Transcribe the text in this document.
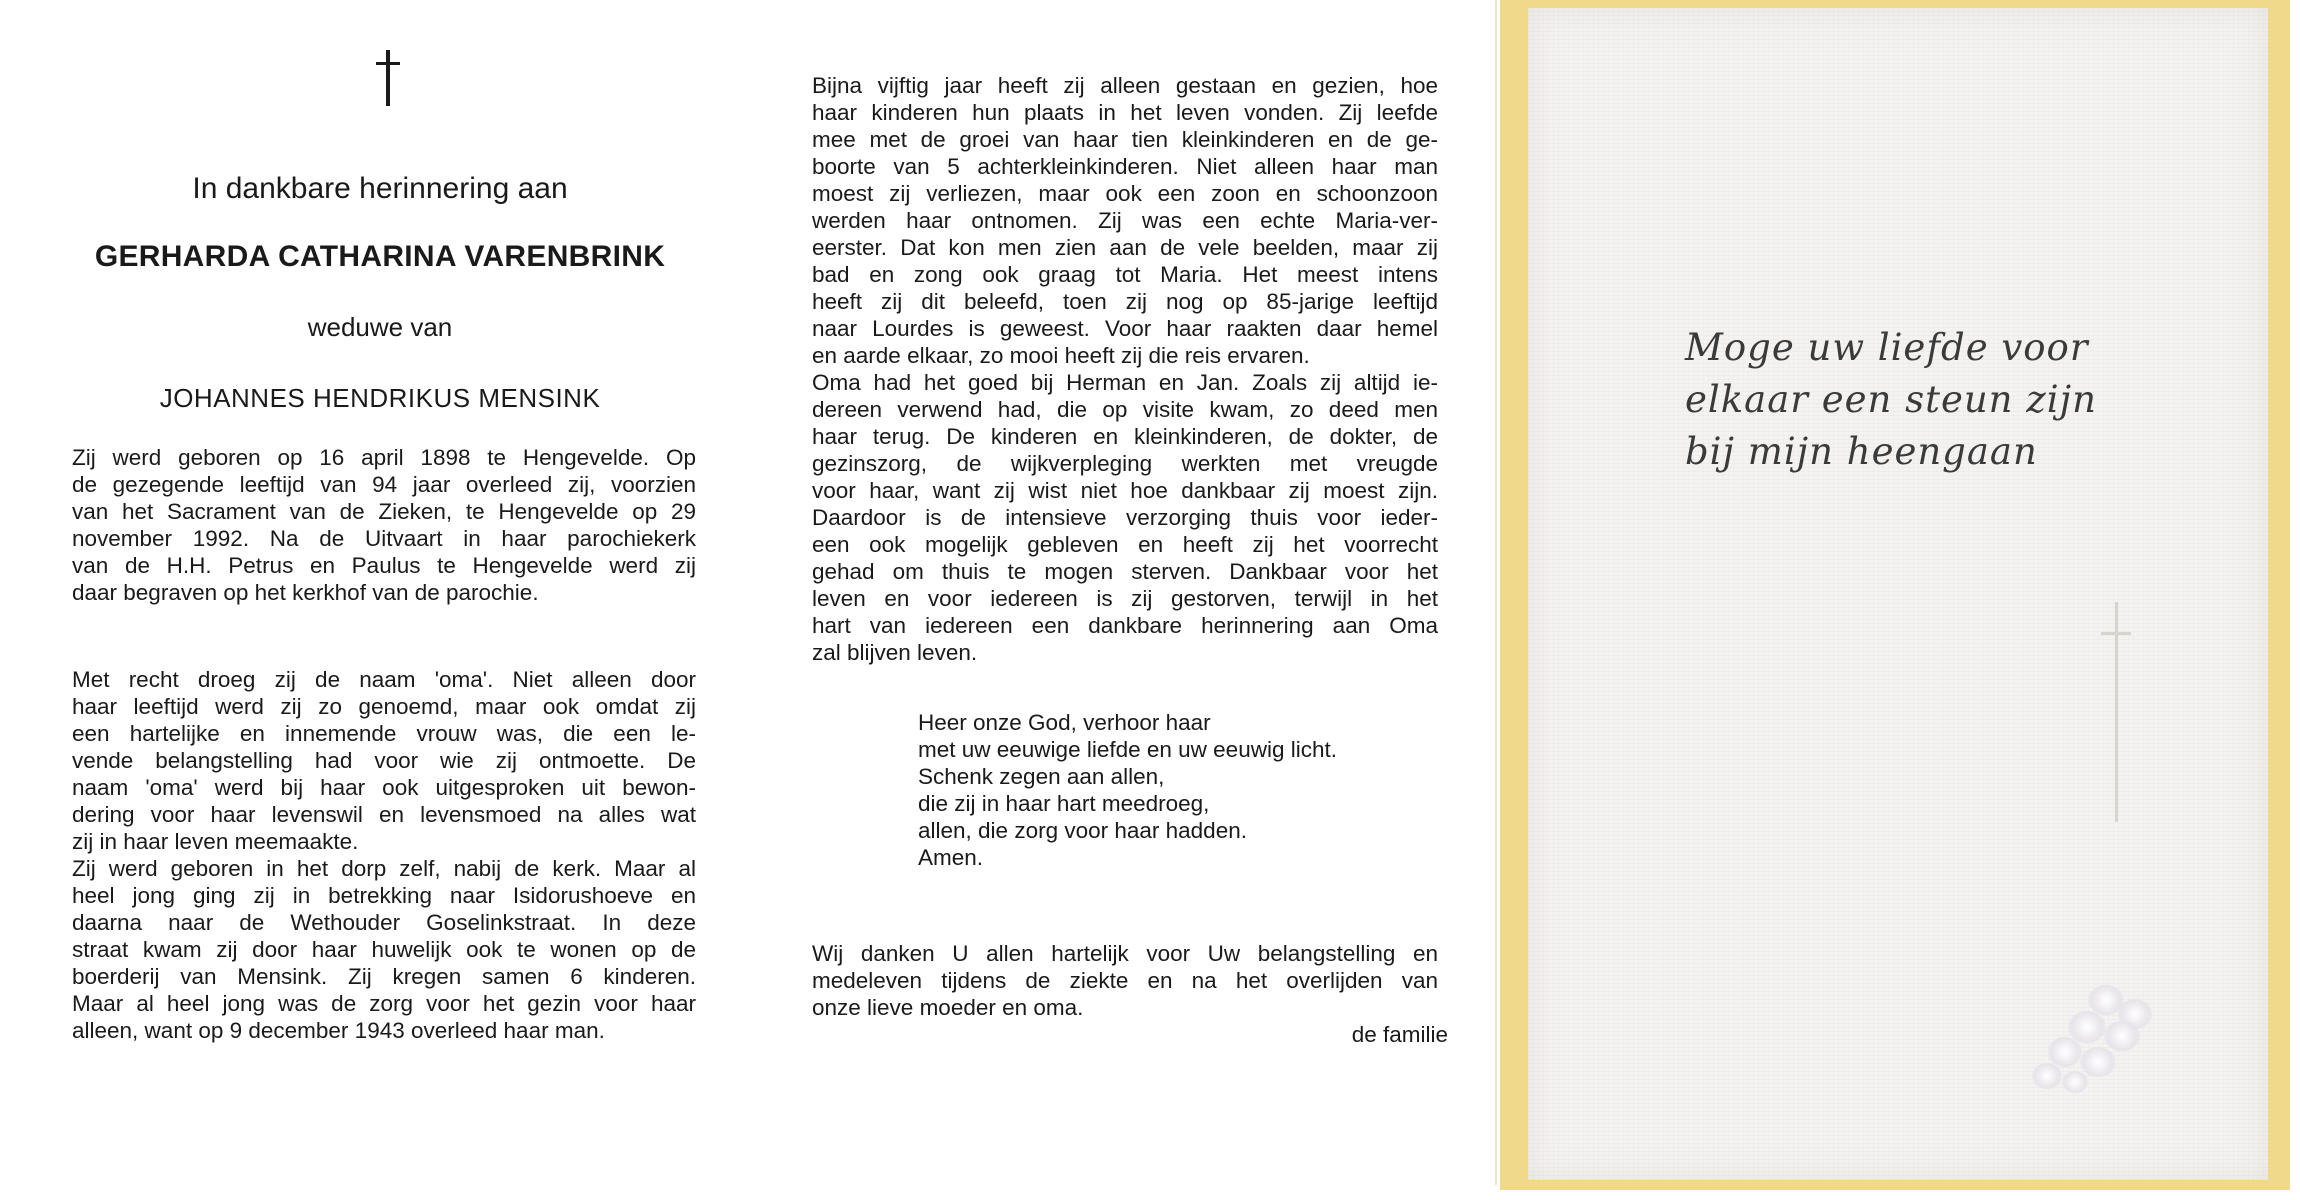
In dankbare herinnering aan
GERHARDA CATHARINA VARENBRINK
weduwe van
JOHANNES HENDRIKUS MENSINK
Zij werd geboren op 16 april 1898 te Hengevelde. Op
de gezegende leeftijd van 94 jaar overleed zij, voorzien
van het Sacrament van de Zieken, te Hengevelde op 29
november 1992. Na de Uitvaart in haar parochiekerk
van de H.H. Petrus en Paulus te Hengevelde werd zij
daar begraven op het kerkhof van de parochie.
Met recht droeg zij de naam 'oma'. Niet alleen door
haar leeftijd werd zij zo genoemd, maar ook omdat zij
een hartelijke en innemende vrouw was, die een le-
vende belangstelling had voor wie zij ontmoette. De
naam 'oma' werd bij haar ook uitgesproken uit bewon-
dering voor haar levenswil en levensmoed na alles wat
zij in haar leven meemaakte.
Zij werd geboren in het dorp zelf, nabij de kerk. Maar al
heel jong ging zij in betrekking naar Isidorushoeve en
daarna naar de Wethouder Goselinkstraat. In deze
straat kwam zij door haar huwelijk ook te wonen op de
boerderij van Mensink. Zij kregen samen 6 kinderen.
Maar al heel jong was de zorg voor het gezin voor haar
alleen, want op 9 december 1943 overleed haar man.
Bijna vijftig jaar heeft zij alleen gestaan en gezien, hoe
haar kinderen hun plaats in het leven vonden. Zij leefde
mee met de groei van haar tien kleinkinderen en de ge-
boorte van 5 achterkleinkinderen. Niet alleen haar man
moest zij verliezen, maar ook een zoon en schoonzoon
werden haar ontnomen. Zij was een echte Maria-ver-
eerster. Dat kon men zien aan de vele beelden, maar zij
bad en zong ook graag tot Maria. Het meest intens
heeft zij dit beleefd, toen zij nog op 85-jarige leeftijd
naar Lourdes is geweest. Voor haar raakten daar hemel
en aarde elkaar, zo mooi heeft zij die reis ervaren.
Oma had het goed bij Herman en Jan. Zoals zij altijd ie-
dereen verwend had, die op visite kwam, zo deed men
haar terug. De kinderen en kleinkinderen, de dokter, de
gezinszorg, de wijkverpleging werkten met vreugde
voor haar, want zij wist niet hoe dankbaar zij moest zijn.
Daardoor is de intensieve verzorging thuis voor ieder-
een ook mogelijk gebleven en heeft zij het voorrecht
gehad om thuis te mogen sterven. Dankbaar voor het
leven en voor iedereen is zij gestorven, terwijl in het
hart van iedereen een dankbare herinnering aan Oma
zal blijven leven.
Heer onze God, verhoor haar
met uw eeuwige liefde en uw eeuwig licht.
Schenk zegen aan allen,
die zij in haar hart meedroeg,
allen, die zorg voor haar hadden.
Amen.
Wij danken U allen hartelijk voor Uw belangstelling en
medeleven tijdens de ziekte en na het overlijden van
onze lieve moeder en oma.
de familie
Moge uw liefde voor
elkaar een steun zijn
bij mijn heengaan
